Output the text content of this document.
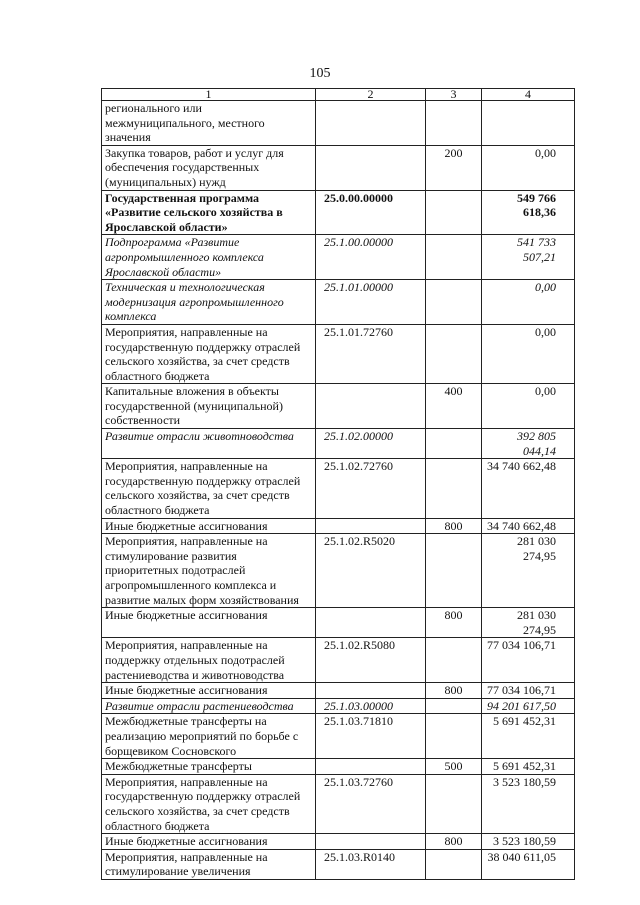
105
1	2	3	4
регионального или межмуниципального, местного значения			
Закупка товаров, работ и услуг для обеспечения государственных (муниципальных) нужд		200	0,00
Государственная программа «Развитие сельского хозяйства в Ярославской области»	25.0.00.00000		549 766 618,36
Подпрограмма «Развитие агропромышленного комплекса Ярославской области»	25.1.00.00000		541 733 507,21
Техническая и технологическая модернизация агропромышленного комплекса	25.1.01.00000		0,00
Мероприятия, направленные на государственную поддержку отраслей сельского хозяйства, за счет средств областного бюджета	25.1.01.72760		0,00
Капитальные вложения в объекты государственной (муниципальной) собственности		400	0,00
Развитие отрасли животноводства	25.1.02.00000		392 805 044,14
Мероприятия, направленные на государственную поддержку отраслей сельского хозяйства, за счет средств областного бюджета	25.1.02.72760		34 740 662,48
Иные бюджетные ассигнования		800	34 740 662,48
Мероприятия, направленные на стимулирование развития приоритетных подотраслей агропромышленного комплекса и развитие малых форм хозяйствования	25.1.02.R5020		281 030 274,95
Иные бюджетные ассигнования		800	281 030 274,95
Мероприятия, направленные на поддержку отдельных подотраслей растениеводства и животноводства	25.1.02.R5080		77 034 106,71
Иные бюджетные ассигнования		800	77 034 106,71
Развитие отрасли растениеводства	25.1.03.00000		94 201 617,50
Межбюджетные трансферты на реализацию мероприятий по борьбе с борщевиком Сосновского	25.1.03.71810		5 691 452,31
Межбюджетные трансферты		500	5 691 452,31
Мероприятия, направленные на государственную поддержку отраслей сельского хозяйства, за счет средств областного бюджета	25.1.03.72760		3 523 180,59
Иные бюджетные ассигнования		800	3 523 180,59
Мероприятия, направленные на стимулирование увеличения	25.1.03.R0140		38 040 611,05
